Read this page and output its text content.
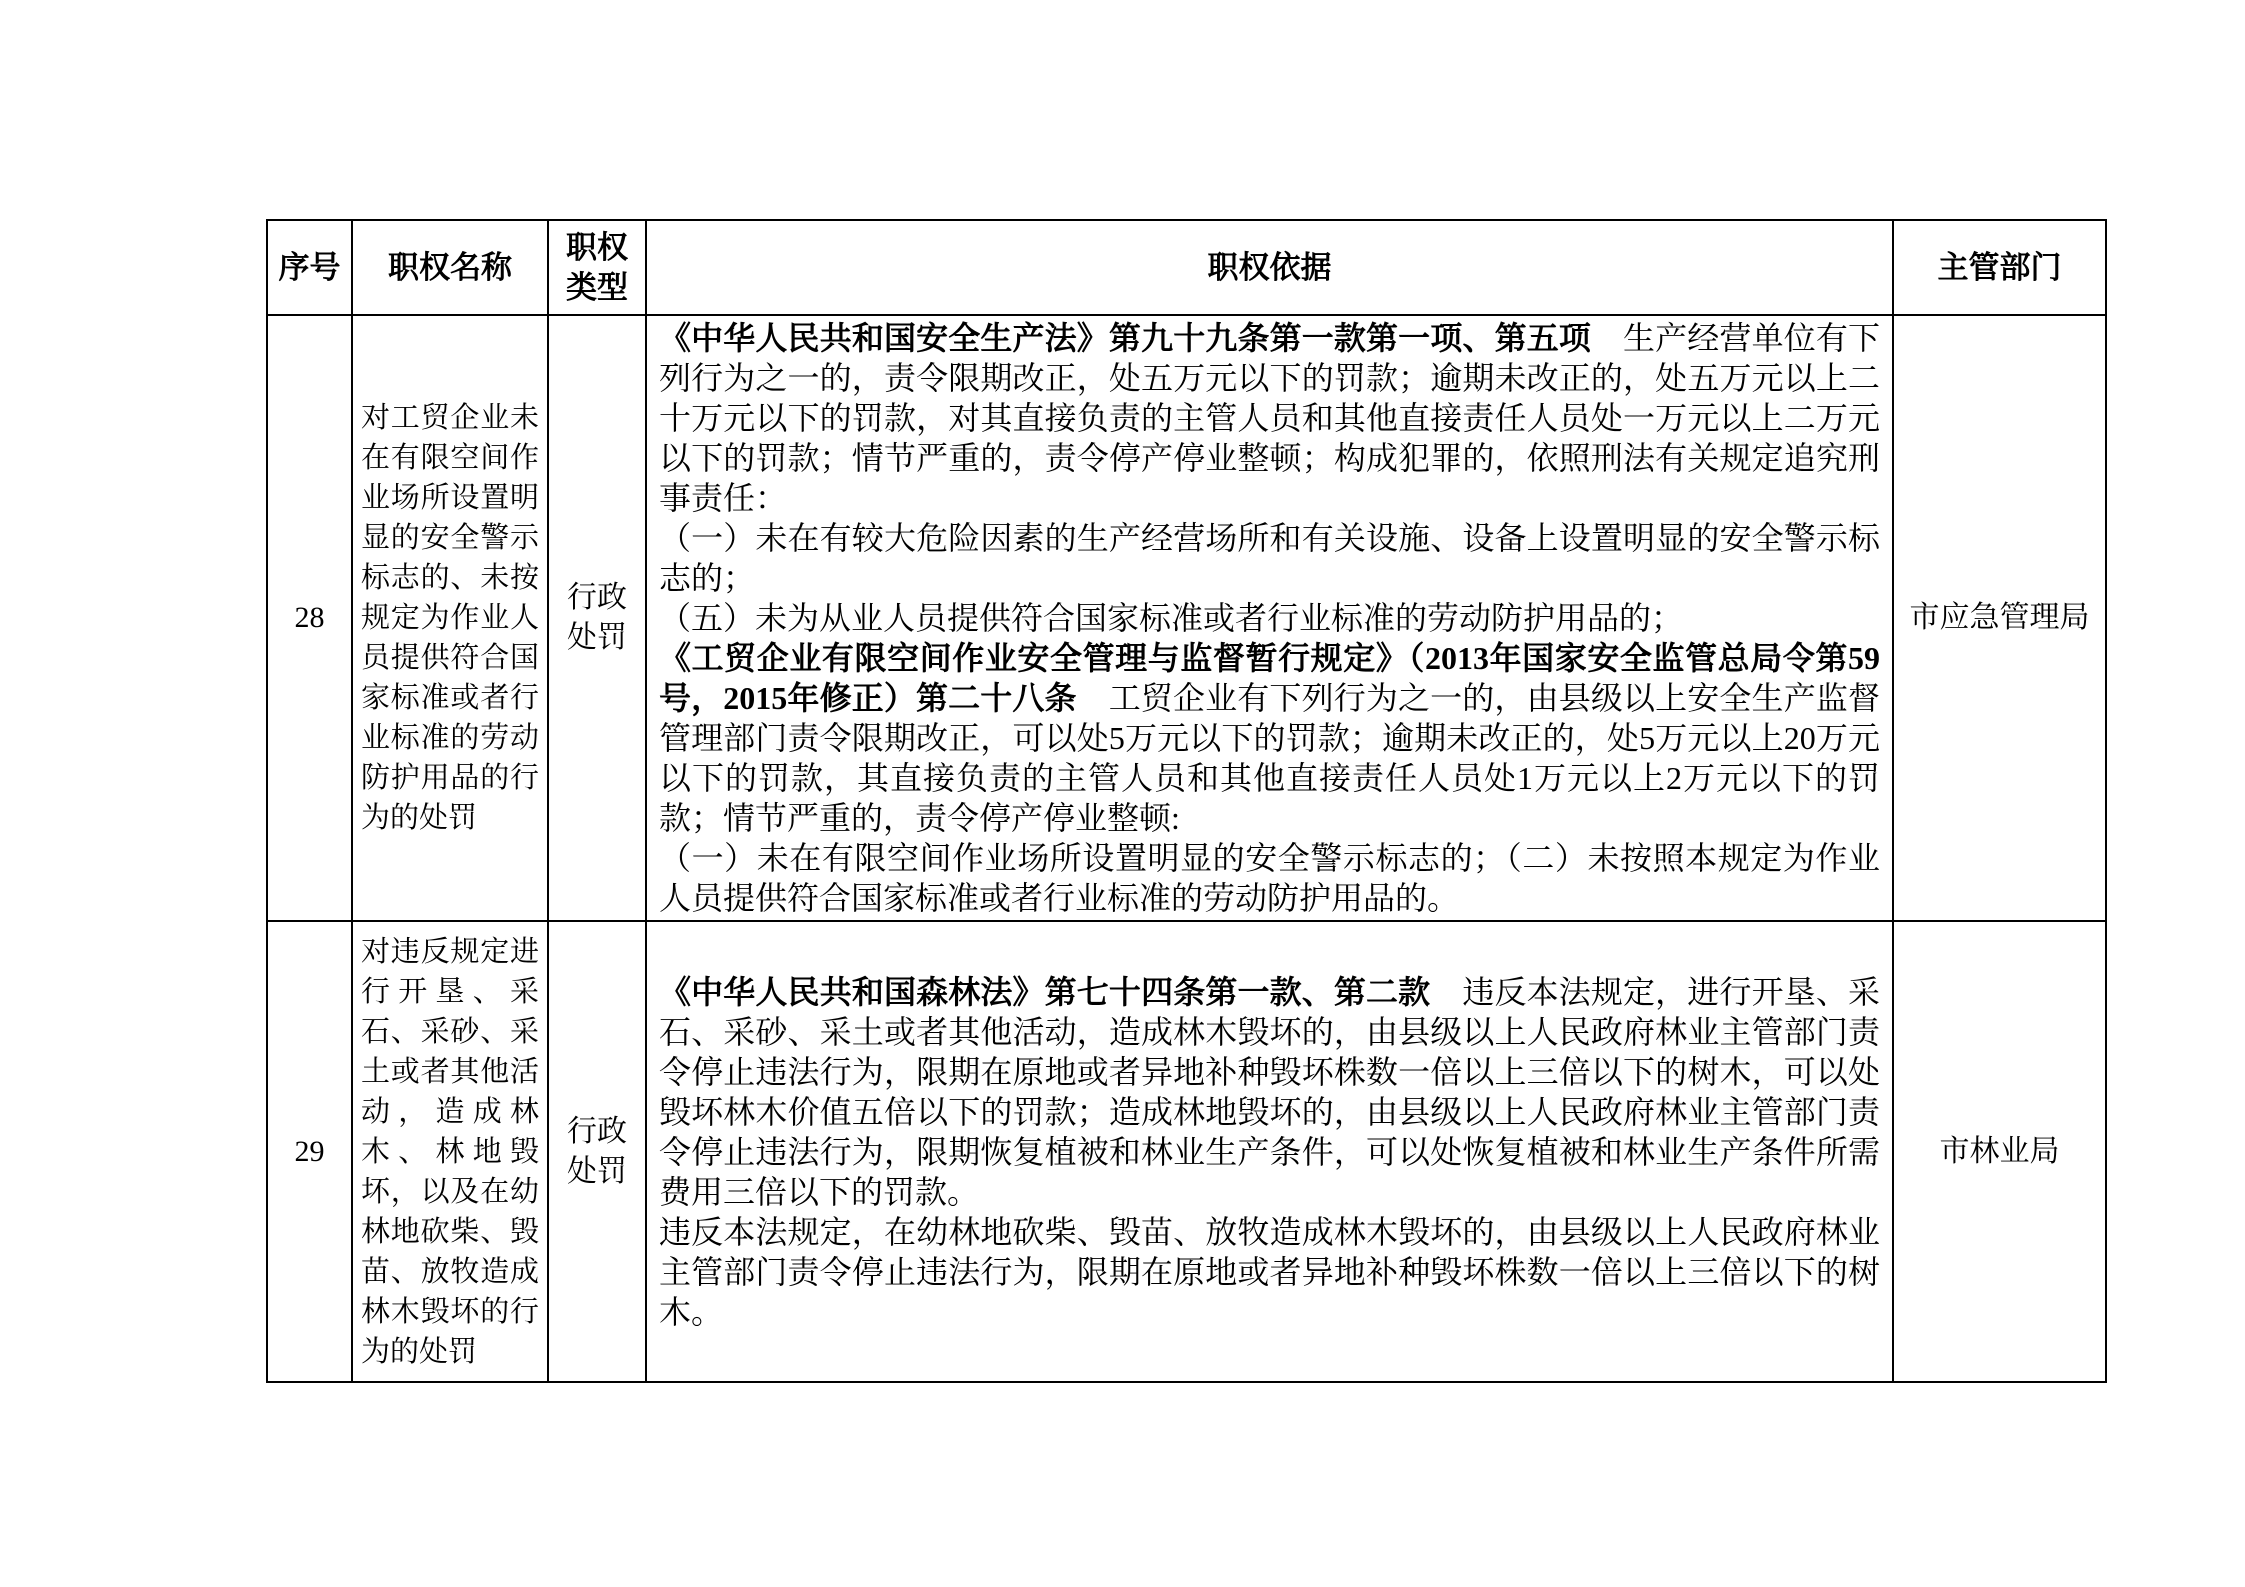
序号	职权名称	职权类型	职权依据	主管部门
28	对工贸企业未在有限空间作业场所设置明显的安全警示标志的、未按规定为作业人员提供符合国家标准或者行业标准的劳动防护用品的行为的处罚	行政处罚	《中华人民共和国安全生产法》第九十九条第一款第一项、第五项 生产经营单位有下列行为之一的，责令限期改正，处五万元以下的罚款；逾期未改正的，处五万元以上二十万元以下的罚款，对其直接负责的主管人员和其他直接责任人员处一万元以上二万元以下的罚款；情节严重的，责令停产停业整顿；构成犯罪的，依照刑法有关规定追究刑事责任：

（一）未在有较大危险因素的生产经营场所和有关设施、设备上设置明显的安全警示标志的；

（五）未为从业人员提供符合国家标准或者行业标准的劳动防护用品的；

《工贸企业有限空间作业安全管理与监督暂行规定》（2013年国家安全监管总局令第59号，2015年修正）第二十八条 工贸企业有下列行为之一的，由县级以上安全生产监督管理部门责令限期改正，可以处5万元以下的罚款；逾期未改正的，处5万元以上20万元以下的罚款，其直接负责的主管人员和其他直接责任人员处1万元以上2万元以下的罚款；情节严重的，责令停产停业整顿:

（一）未在有限空间作业场所设置明显的安全警示标志的；（二）未按照本规定为作业人员提供符合国家标准或者行业标准的劳动防护用品的。	市应急管理局
29	对违反规定进行开垦、采石、采砂、采土或者其他活动，造成林木、林地毁坏，以及在幼林地砍柴、毁苗、放牧造成林木毁坏的行为的处罚	行政处罚	《中华人民共和国森林法》第七十四条第一款、第二款 违反本法规定，进行开垦、采石、采砂、采土或者其他活动，造成林木毁坏的，由县级以上人民政府林业主管部门责令停止违法行为，限期在原地或者异地补种毁坏株数一倍以上三倍以下的树木，可以处毁坏林木价值五倍以下的罚款；造成林地毁坏的，由县级以上人民政府林业主管部门责令停止违法行为，限期恢复植被和林业生产条件，可以处恢复植被和林业生产条件所需费用三倍以下的罚款。

违反本法规定，在幼林地砍柴、毁苗、放牧造成林木毁坏的，由县级以上人民政府林业主管部门责令停止违法行为，限期在原地或者异地补种毁坏株数一倍以上三倍以下的树木。	市林业局
